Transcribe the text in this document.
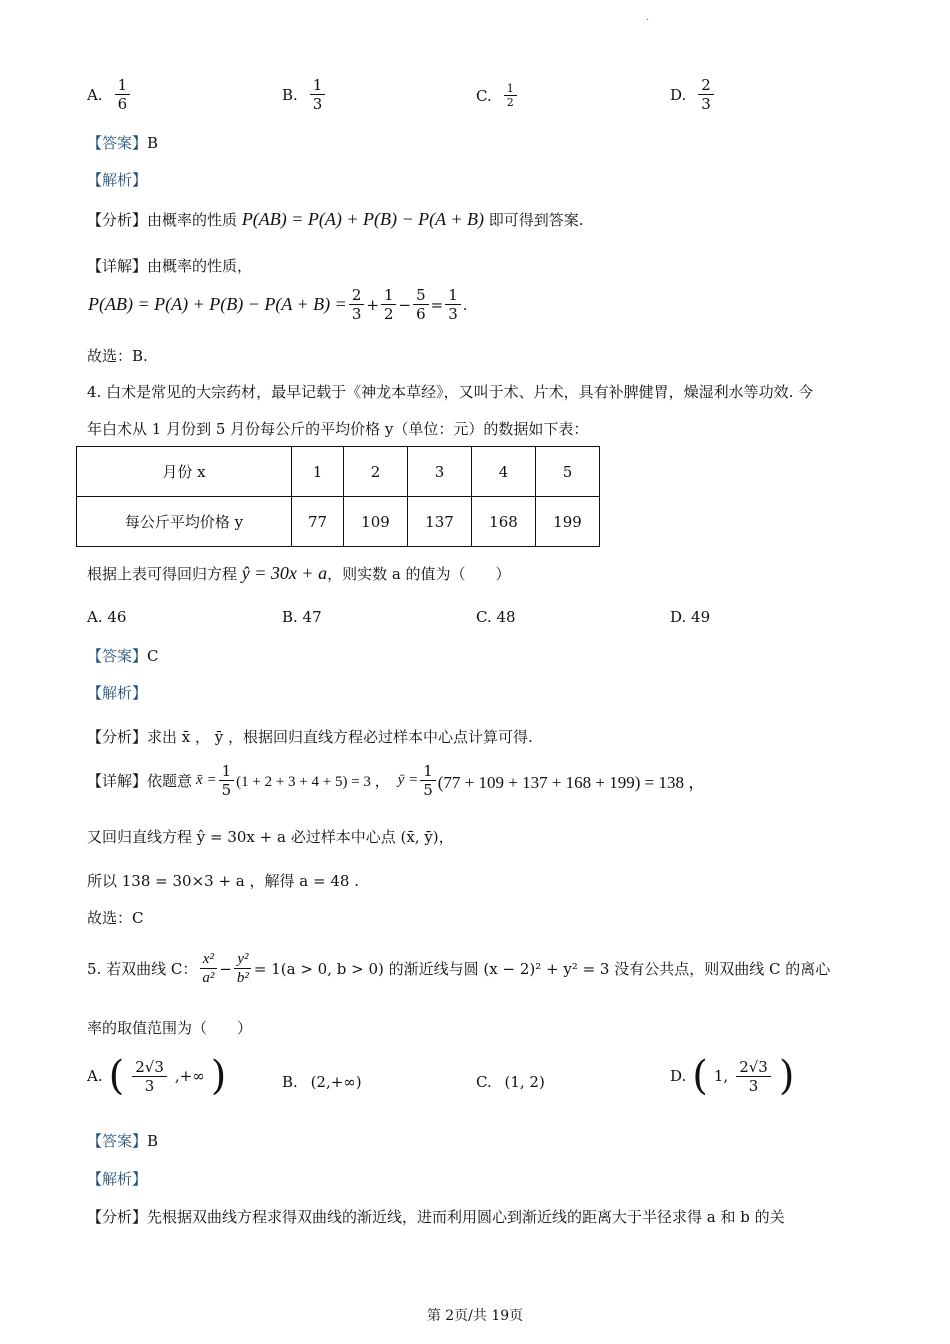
.
A. $\frac{1}{6}$	B. $\frac{1}{3}$	C. $\frac{1}{2}$	D. $\frac{2}{3}$
【答案】B
【解析】
【分析】由概率的性质 P(AB) = P(A) + P(B) − P(A + B) 即可得到答案.
【详解】由概率的性质，
$P(AB) = P(A) + P(B) - P(A + B) = \frac{2}{3} + \frac{1}{2} - \frac{5}{6} = \frac{1}{3}$ .
故选：B.
4. 白术是常见的大宗药材，最早记载于《神龙本草经》，又叫于术、片术，具有补脾健胃，燥湿利水等功效. 今
年白术从 1 月份到 5 月份每公斤的平均价格 y（单位：元）的数据如下表：
月份 x	1	2	3	4	5
每公斤平均价格 y	77	109	137	168	199
根据上表可得回归方程 ŷ = 30x + a，则实数 a 的值为（　　）
A. 46	B. 47	C. 48	D. 49
【答案】C
【解析】
【分析】求出 x̄ ， ȳ ，根据回归直线方程必过样本中心点计算可得.
【详解】 依题意 x̄ = $\frac{1}{5} (1 + 2 + 3 + 4 + 5) = 3$ ， ȳ = $\frac{1}{5} (77 + 109 + 137 + 168 + 199) = 138$ ，
又回归直线方程 ŷ = 30x + a 必过样本中心点 (x̄, ȳ)，
所以 138 = 30×3 + a ，解得 a = 48 .
故选：C
5. 若双曲线 C： $\frac{\text{x²}}{\text{a²}} - \frac{\text{y²}}{\text{b²}} = 1(a > 0$, b > 0) 的渐近线与圆 (x − 2)² + y² = 3 没有公共点，则双曲线 C 的离心
率的取值范围为（　　）
A. ( $\frac{2√3}{3}$ ,+∞ )	B. (2,+∞)	C. (1, 2)	D. ( 1, $\frac{2√3}{3}$ )
【答案】B
【解析】
【分析】先根据双曲线方程求得双曲线的渐近线，进而利用圆心到渐近线的距离大于半径求得 a 和 b 的关
第 2页/共 19页
